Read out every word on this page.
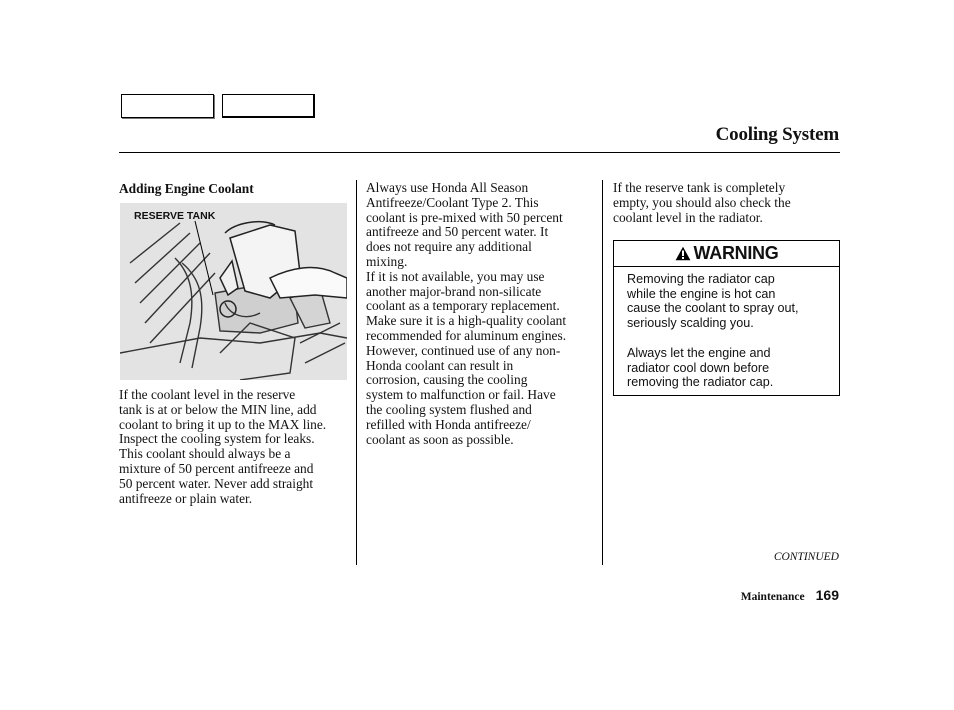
Cooling System
Adding Engine Coolant
RESERVE TANK
If the coolant level in the reserve
tank is at or below the MIN line, add
coolant to bring it up to the MAX line.
Inspect the cooling system for leaks.
This coolant should always be a
mixture of 50 percent antifreeze and
50 percent water. Never add straight
antifreeze or plain water.
Always use Honda All Season
Antifreeze/Coolant Type 2. This
coolant is pre-mixed with 50 percent
antifreeze and 50 percent water. It
does not require any additional
mixing.
If it is not available, you may use
another major-brand non-silicate
coolant as a temporary replacement.
Make sure it is a high-quality coolant
recommended for aluminum engines.
However, continued use of any non-
Honda coolant can result in
corrosion, causing the cooling
system to malfunction or fail. Have
the cooling system flushed and
refilled with Honda antifreeze/
coolant as soon as possible.
If the reserve tank is completely
empty, you should also check the
coolant level in the radiator.
WARNING

Removing the radiator cap
while the engine is hot can
cause the coolant to spray out,
seriously scalding you.

Always let the engine and
radiator cool down before
removing the radiator cap.

CONTINUED
Maintenance 169
